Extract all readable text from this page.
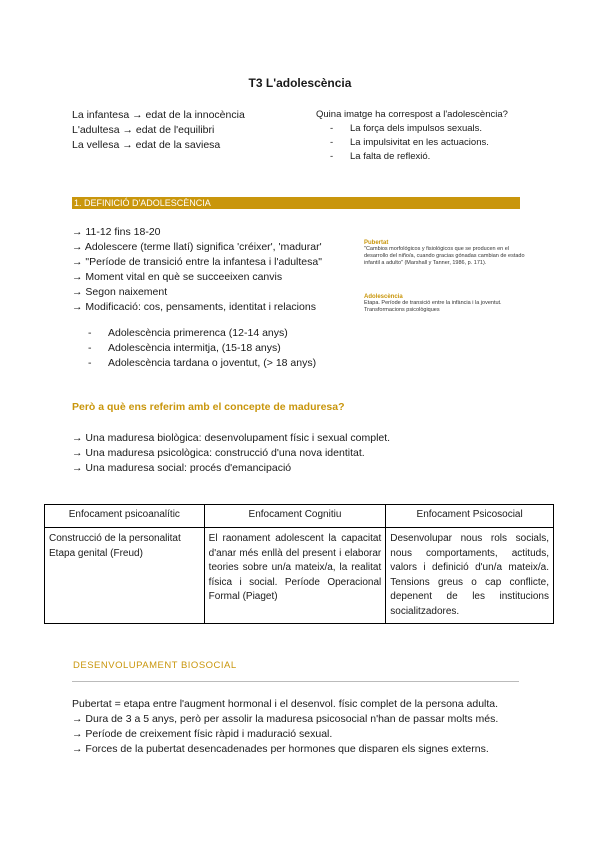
T3 L'adolescència
La infantesa → edat de la innocència
L'adultesa → edat de l'equilibri
La vellesa → edat de la saviesa
Quina imatge ha correspost a l'adolescència?
- La força dels impulsos sexuals.
- La impulsivitat en les actuacions.
- La falta de reflexió.
1. DEFINICIÓ D'ADOLESCÈNCIA
→ 11-12 fins 18-20
→ Adolescere (terme llatí) significa 'créixer', 'madurar'
→ "Període de transició entre la infantesa i l'adultesa"
→ Moment vital en què se succeeixen canvis
→ Segon naixement
→ Modificació: cos, pensaments, identitat i relacions
- Adolescència primerenca (12-14 anys)
- Adolescència intermitja, (15-18 anys)
- Adolescència tardana o joventut, (> 18 anys)
Pubertat
"Cambios morfológicos y fisiológicos que se producen en el desarrollo del niño/a, cuando gracias gónadas cambian de estado infantil a adulto" (Marshall y Tanner, 1986, p. 171).
Adolescència
Etapa. Període de transició entre la infància i la joventut. Transformacions psicològiques
Però a què ens referim amb el concepte de maduresa?
→ Una maduresa biològica: desenvolupament físic i sexual complet.
→ Una maduresa psicològica: construcció d'una nova identitat.
→ Una maduresa social: procés d'emancipació
Enfocament psicoanalític	Enfocament Cognitiu	Enfocament Psicosocial
Construcció de la personalitat
Etapa genital (Freud)	El raonament adolescent la capacitat d'anar més enllà del present i elaborar teories sobre un/a mateix/a, la realitat física i social. Període Operacional Formal (Piaget)	Desenvolupar nous rols socials, nous comportaments, actituds, valors i definició d'un/a mateix/a. Tensions greus o cap conflicte, depenent de les institucions socialitzadores.
DESENVOLUPAMENT BIOSOCIAL
Pubertat = etapa entre l'augment hormonal i el desenvol. físic complet de la persona adulta.
→ Dura de 3 a 5 anys, però per assolir la maduresa psicosocial n'han de passar molts més.
→ Període de creixement físic ràpid i maduració sexual.
→ Forces de la pubertat desencadenades per hormones que disparen els signes externs.
